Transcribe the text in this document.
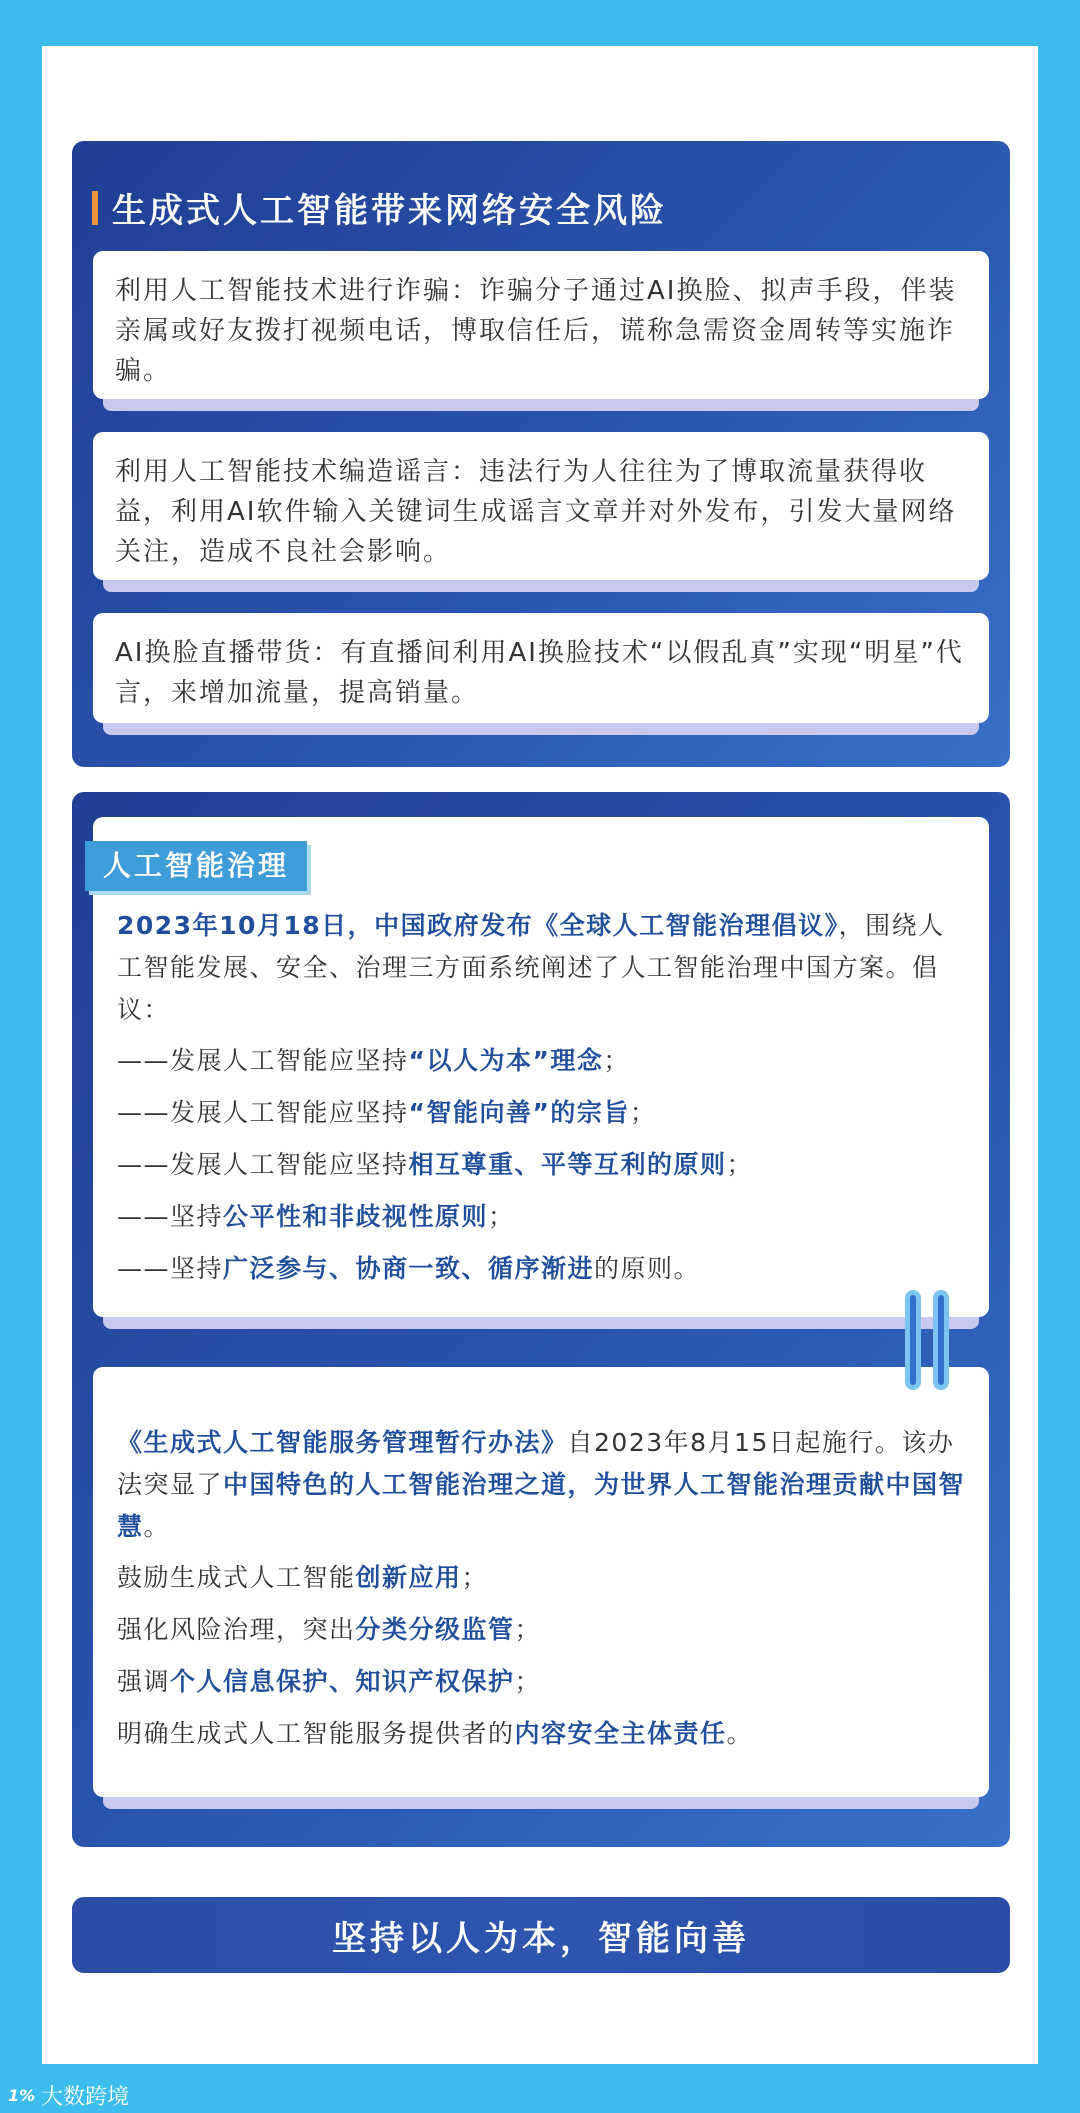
生成式人工智能带来网络安全风险
利用人工智能技术进行诈骗：诈骗分子通过AI换脸、拟声手段，伴装亲属或好友拨打视频电话，博取信任后，谎称急需资金周转等实施诈骗。
利用人工智能技术编造谣言：违法行为人往往为了博取流量获得收益，利用AI软件输入关键词生成谣言文章并对外发布，引发大量网络关注，造成不良社会影响。
AI换脸直播带货：有直播间利用AI换脸技术“以假乱真”实现“明星”代言，来增加流量，提高销量。
2023年10月18日，中国政府发布《全球人工智能治理倡议》，围绕人工智能发展、安全、治理三方面系统阐述了人工智能治理中国方案。倡议：
——发展人工智能应坚持“以人为本”理念；
——发展人工智能应坚持“智能向善”的宗旨；
——发展人工智能应坚持相互尊重、平等互利的原则；
——坚持公平性和非歧视性原则；
——坚持广泛参与、协商一致、循序渐进的原则。
人工智能治理
《生成式人工智能服务管理暂行办法》自2023年8月15日起施行。该办法突显了中国特色的人工智能治理之道，为世界人工智能治理贡献中国智慧。
鼓励生成式人工智能创新应用；
强化风险治理，突出分类分级监管；
强调个人信息保护、知识产权保护；
明确生成式人工智能服务提供者的内容安全主体责任。
坚持以人为本，智能向善
1% 大数跨境
